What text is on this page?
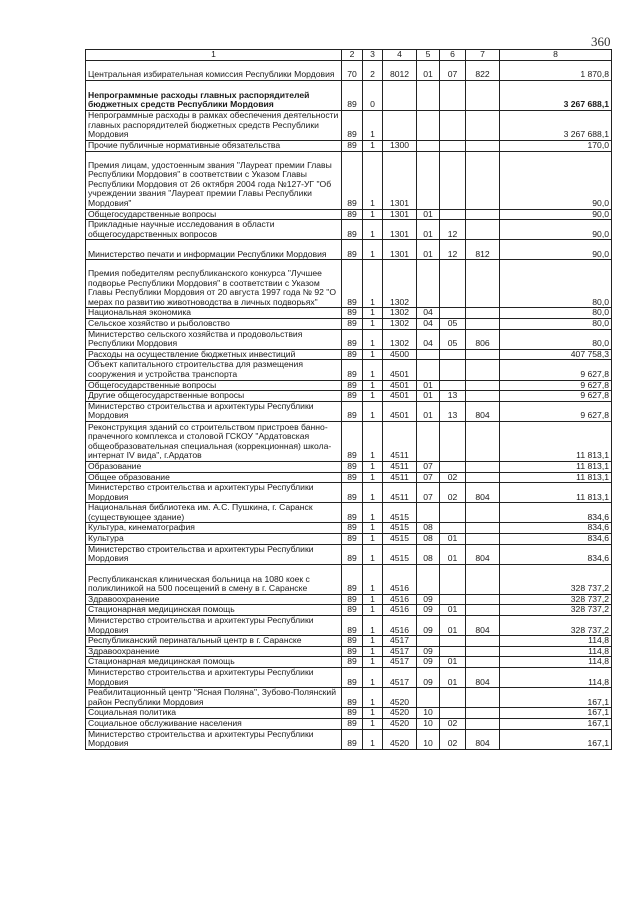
360
1	2	3	4	5	6	7	8
Центральная избирательная комиссия Республики Мордовия	70	2	8012	01	07	822	1 870,8
Непрограммные расходы главных распорядителей бюджетных средств Республики Мордовия	89	0					3 267 688,1
Непрограммные расходы в рамках обеспечения деятельности главных распорядителей бюджетных средств Республики Мордовия	89	1					3 267 688,1
Прочие публичные нормативные обязательства	89	1	1300				170,0
Премия лицам, удостоенным звания "Лауреат премии Главы Республики Мордовия" в соответствии с Указом Главы Республики Мордовия от 26 октября 2004 года №127-УГ "Об учреждении звания "Лауреат премии Главы Республики Мордовия"	89	1	1301				90,0
Общегосударственные вопросы	89	1	1301	01			90,0
Прикладные научные исследования в области общегосударственных вопросов	89	1	1301	01	12		90,0
Министерство печати и информации Республики Мордовия	89	1	1301	01	12	812	90,0
Премия победителям республиканского конкурса "Лучшее подворье Республики Мордовия" в соответствии с Указом Главы Республики Мордовия от 20 августа 1997 года № 92 "О мерах по развитию животноводства в личных подворьях"	89	1	1302				80,0
Национальная экономика	89	1	1302	04			80,0
Сельское хозяйство и рыболовство	89	1	1302	04	05		80,0
Министерство сельского хозяйства и продовольствия Республики Мордовия	89	1	1302	04	05	806	80,0
Расходы на осуществление бюджетных инвестиций	89	1	4500				407 758,3
Объект капитального строительства для размещения сооружения и устройства транспорта	89	1	4501				9 627,8
Общегосударственные вопросы	89	1	4501	01			9 627,8
Другие общегосударственные вопросы	89	1	4501	01	13		9 627,8
Министерство строительства и архитектуры Республики Мордовия	89	1	4501	01	13	804	9 627,8
Реконструкция зданий со строительством пристроев банно-прачечного комплекса и столовой ГСКОУ "Ардатовская общеобразовательная специальная (коррекционная) школа-интернат IV вида", г.Ардатов	89	1	4511				11 813,1
Образование	89	1	4511	07			11 813,1
Общее образование	89	1	4511	07	02		11 813,1
Министерство строительства и архитектуры Республики Мордовия	89	1	4511	07	02	804	11 813,1
Национальная библиотека им. А.С. Пушкина, г. Саранск (существующее здание)	89	1	4515				834,6
Культура, кинематография	89	1	4515	08			834,6
Культура	89	1	4515	08	01		834,6
Министерство строительства и архитектуры Республики Мордовия	89	1	4515	08	01	804	834,6
Республиканская клиническая больница на 1080 коек с поликлиникой на 500 посещений в смену в г. Саранске	89	1	4516				328 737,2
Здравоохранение	89	1	4516	09			328 737,2
Стационарная медицинская помощь	89	1	4516	09	01		328 737,2
Министерство строительства и архитектуры Республики Мордовия	89	1	4516	09	01	804	328 737,2
Республиканский перинатальный центр в г. Саранске	89	1	4517				114,8
Здравоохранение	89	1	4517	09			114,8
Стационарная медицинская помощь	89	1	4517	09	01		114,8
Министерство строительства и архитектуры Республики Мордовия	89	1	4517	09	01	804	114,8
Реабилитационный центр "Ясная Поляна", Зубово-Полянский район Республики Мордовия	89	1	4520				167,1
Социальная политика	89	1	4520	10			167,1
Социальное обслуживание населения	89	1	4520	10	02		167,1
Министерство строительства и архитектуры Республики Мордовия	89	1	4520	10	02	804	167,1
